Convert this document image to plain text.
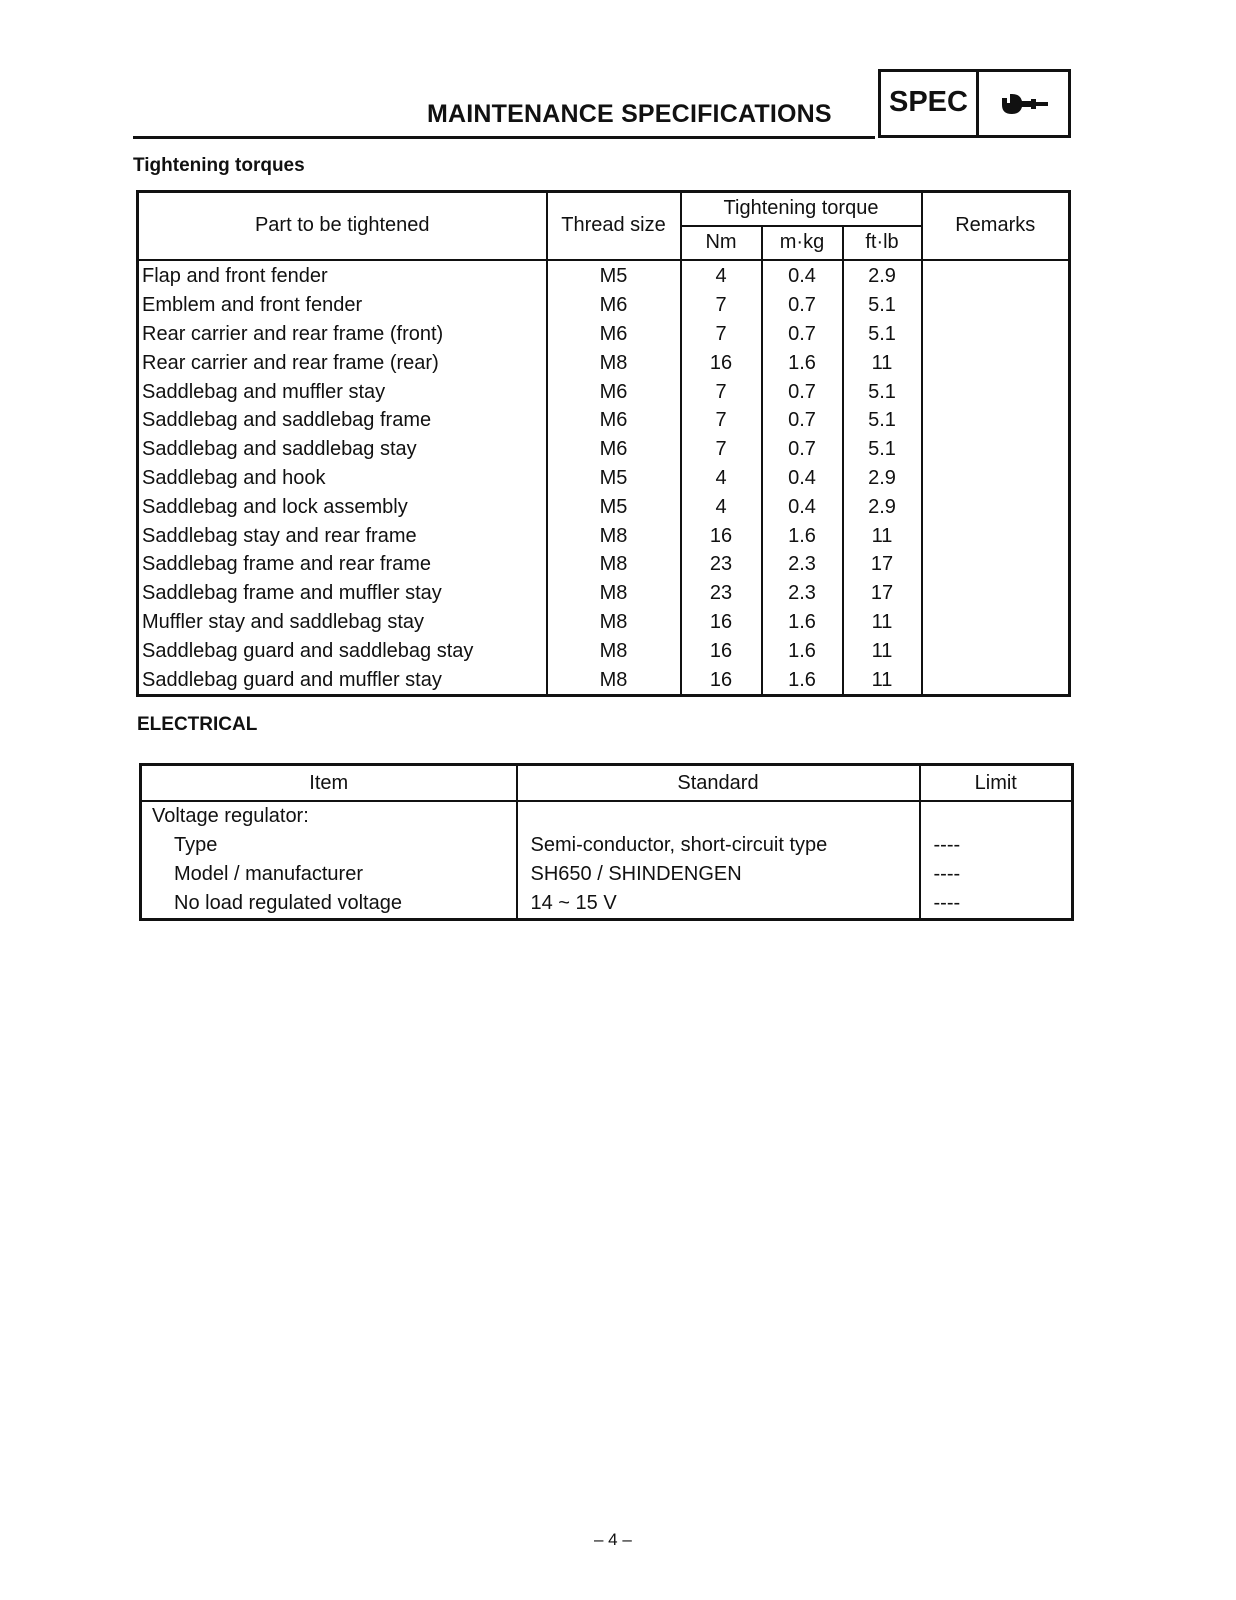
MAINTENANCE SPECIFICATIONS SPEC
Tightening torques
Part to be tightened	Thread size	Tightening torque			Remarks
		Nm	m·kg	ft·lb	
Flap and front fender	M5	4	0.4	2.9	
Emblem and front fender	M6	7	0.7	5.1	
Rear carrier and rear frame (front)	M6	7	0.7	5.1	
Rear carrier and rear frame (rear)	M8	16	1.6	11	
Saddlebag and muffler stay	M6	7	0.7	5.1	
Saddlebag and saddlebag frame	M6	7	0.7	5.1	
Saddlebag and saddlebag stay	M6	7	0.7	5.1	
Saddlebag and hook	M5	4	0.4	2.9	
Saddlebag and lock assembly	M5	4	0.4	2.9	
Saddlebag stay and rear frame	M8	16	1.6	11	
Saddlebag frame and rear frame	M8	23	2.3	17	
Saddlebag frame and muffler stay	M8	23	2.3	17	
Muffler stay and saddlebag stay	M8	16	1.6	11	
Saddlebag guard and saddlebag stay	M8	16	1.6	11	
Saddlebag guard and muffler stay	M8	16	1.6	11	
ELECTRICAL
Item	Standard	Limit
Voltage regulator:		
Type	Semi-conductor, short-circuit type	----
Model / manufacturer	SH650 / SHINDENGEN	----
No load regulated voltage	14 ~ 15 V	----
– 4 –
